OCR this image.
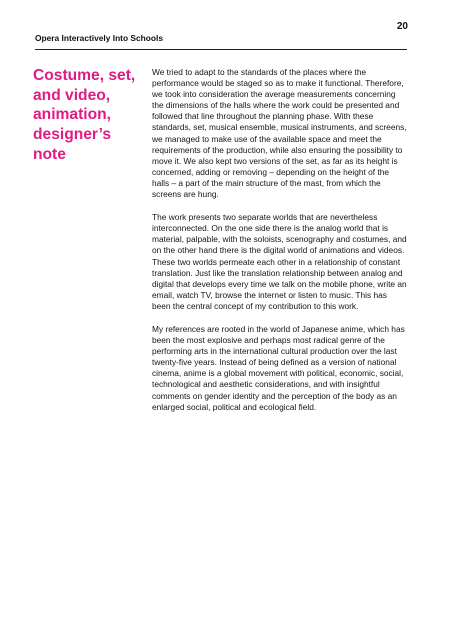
20
Opera Interactively Into Schools
Costume, set, and video, animation, designer’s note

We tried to adapt to the standards of the places where the performance would be staged so as to make it functional. Therefore, we took into consideration the average measurements concerning the dimensions of the halls where the work could be presented and followed that line throughout the planning phase. With these standards, set, musical ensemble, musical instruments, and screens, we managed to make use of the available space and meet the requirements of the production, while also ensuring the possibility to move it. We also kept two versions of the set, as far as its height is concerned, adding or removing – depending on the height of the halls – a part of the main structure of the mast, from which the screens are hung.

The work presents two separate worlds that are nevertheless interconnected. On the one side there is the analog world that is material, palpable, with the soloists, scenography and costumes, and on the other hand there is the digital world of animations and videos. These two worlds permeate each other in a relationship of constant translation. Just like the translation relationship between analog and digital that develops every time we talk on the mobile phone, write an email, watch TV, browse the internet or listen to music. This has been the central concept of my contribution to this work.

My references are rooted in the world of Japanese anime, which has been the most explosive and perhaps most radical genre of the performing arts in the international cultural production over the last twenty-five years. Instead of being defined as a version of national cinema, anime is a global movement with political, economic, social, technological and aesthetic considerations, and with insightful comments on gender identity and the perception of the body as an enlarged social, political and ecological field.
